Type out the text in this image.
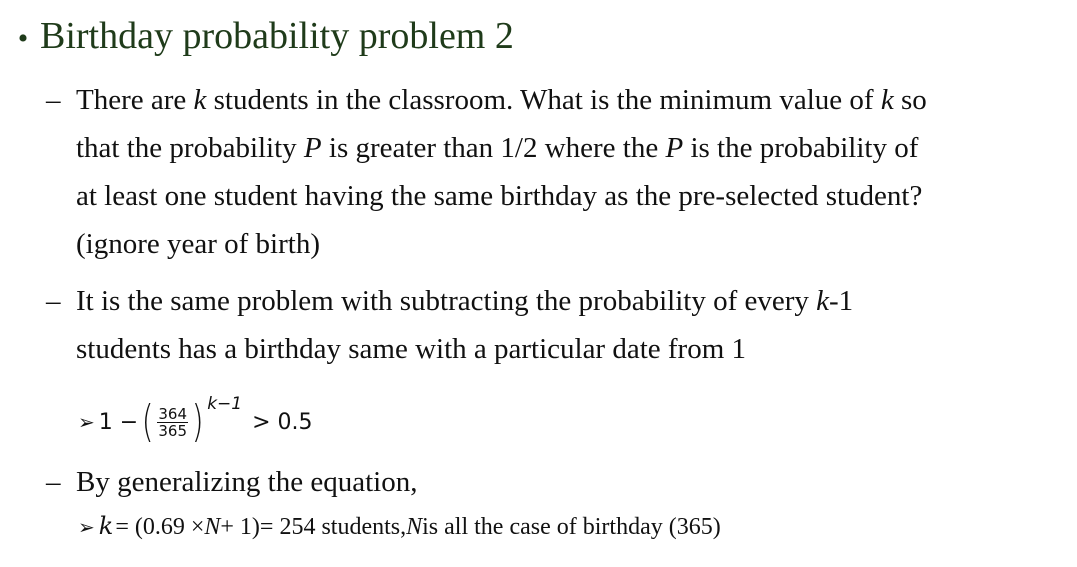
• Birthday probability problem 2
– There are k students in the classroom. What is the minimum value of k so
that the probability P is greater than 1/2 where the P is the probability of
at least one student having the same birthday as the pre-selected student?
(ignore year of birth)
– It is the same problem with subtracting the probability of every k-1
students has a birthday same with a particular date from 1
➢ 1 − ( $\frac{364}{365}$ ) k−1
> 0.5
– By generalizing the equation,
➢ k = (0.69 × N + 1)= 254 students, N is all the case of birthday (365)
